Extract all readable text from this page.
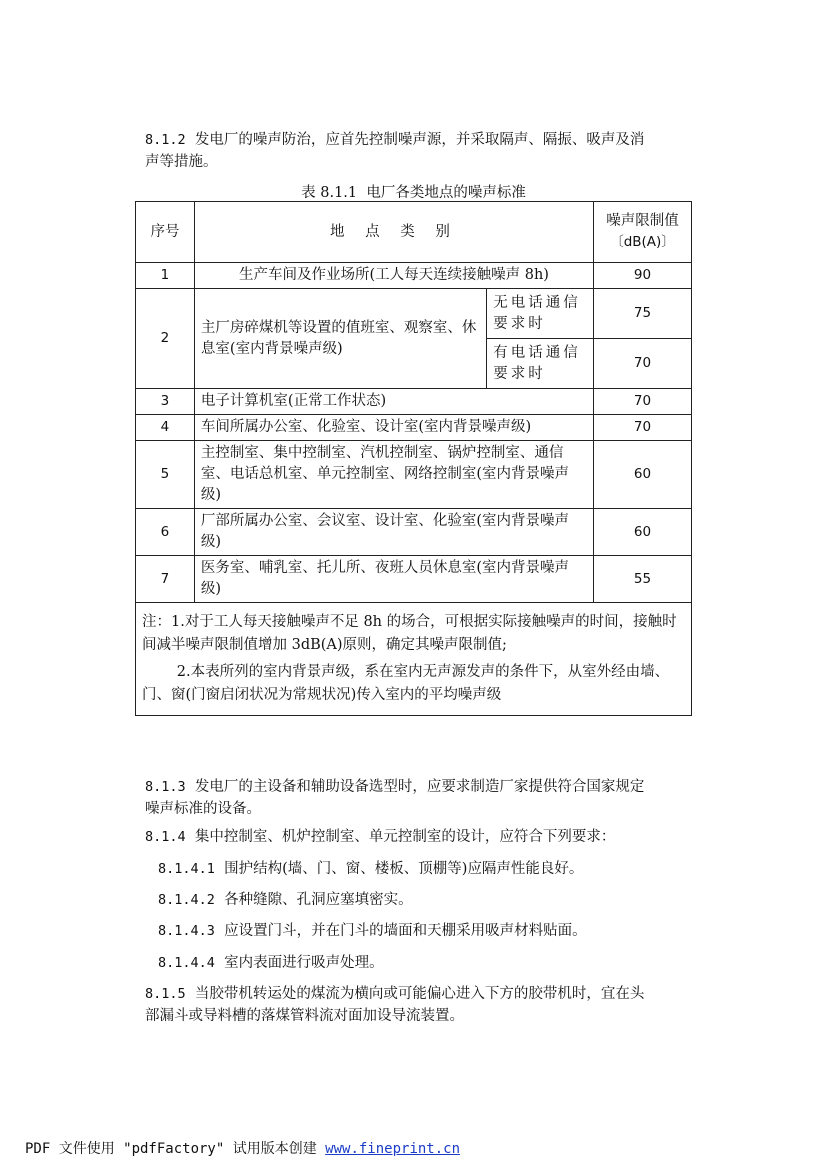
8.1.2 发电厂的噪声防治，应首先控制噪声源，并采取隔声、隔振、吸声及消
声等措施。
表 8.1.1 电厂各类地点的噪声标准
序号	地 点 类 别		噪声限制值
〔dB(A)〕
1	生产车间及作业场所(工人每天连续接触噪声 8h)		90
2	主厂房碎煤机等设置的值班室、观察室、休息室(室内背景噪声级)	无电话通信要求时	75
		有电话通信要求时	70
3	电子计算机室(正常工作状态)		70
4	车间所属办公室、化验室、设计室(室内背景噪声级)		70
5	主控制室、集中控制室、汽机控制室、锅炉控制室、通信室、电话总机室、单元控制室、网络控制室(室内背景噪声级)		60
6	厂部所属办公室、会议室、设计室、化验室(室内背景噪声级)		60
7	医务室、哺乳室、托儿所、夜班人员休息室(室内背景噪声级)		55

注：1.对于工人每天接触噪声不足 8h 的场合，可根据实际接触噪声的时间，接触时间减半噪声限制值增加 3dB(A)原则，确定其噪声限制值;
2.本表所列的室内背景声级，系在室内无声源发声的条件下，从室外经由墙、门、窗(门窗启闭状况为常规状况)传入室内的平均噪声级			
8.1.3 发电厂的主设备和辅助设备选型时，应要求制造厂家提供符合国家规定
噪声标准的设备。
8.1.4 集中控制室、机炉控制室、单元控制室的设计，应符合下列要求：
8.1.4.1 围护结构(墙、门、窗、楼板、顶棚等)应隔声性能良好。
8.1.4.2 各种缝隙、孔洞应塞填密实。
8.1.4.3 应设置门斗，并在门斗的墙面和天棚采用吸声材料贴面。
8.1.4.4 室内表面进行吸声处理。
8.1.5 当胶带机转运处的煤流为横向或可能偏心进入下方的胶带机时，宜在头
部漏斗或导料槽的落煤管料流对面加设导流装置。
PDF 文件使用 "pdfFactory" 试用版本创建 www.fineprint.cn
